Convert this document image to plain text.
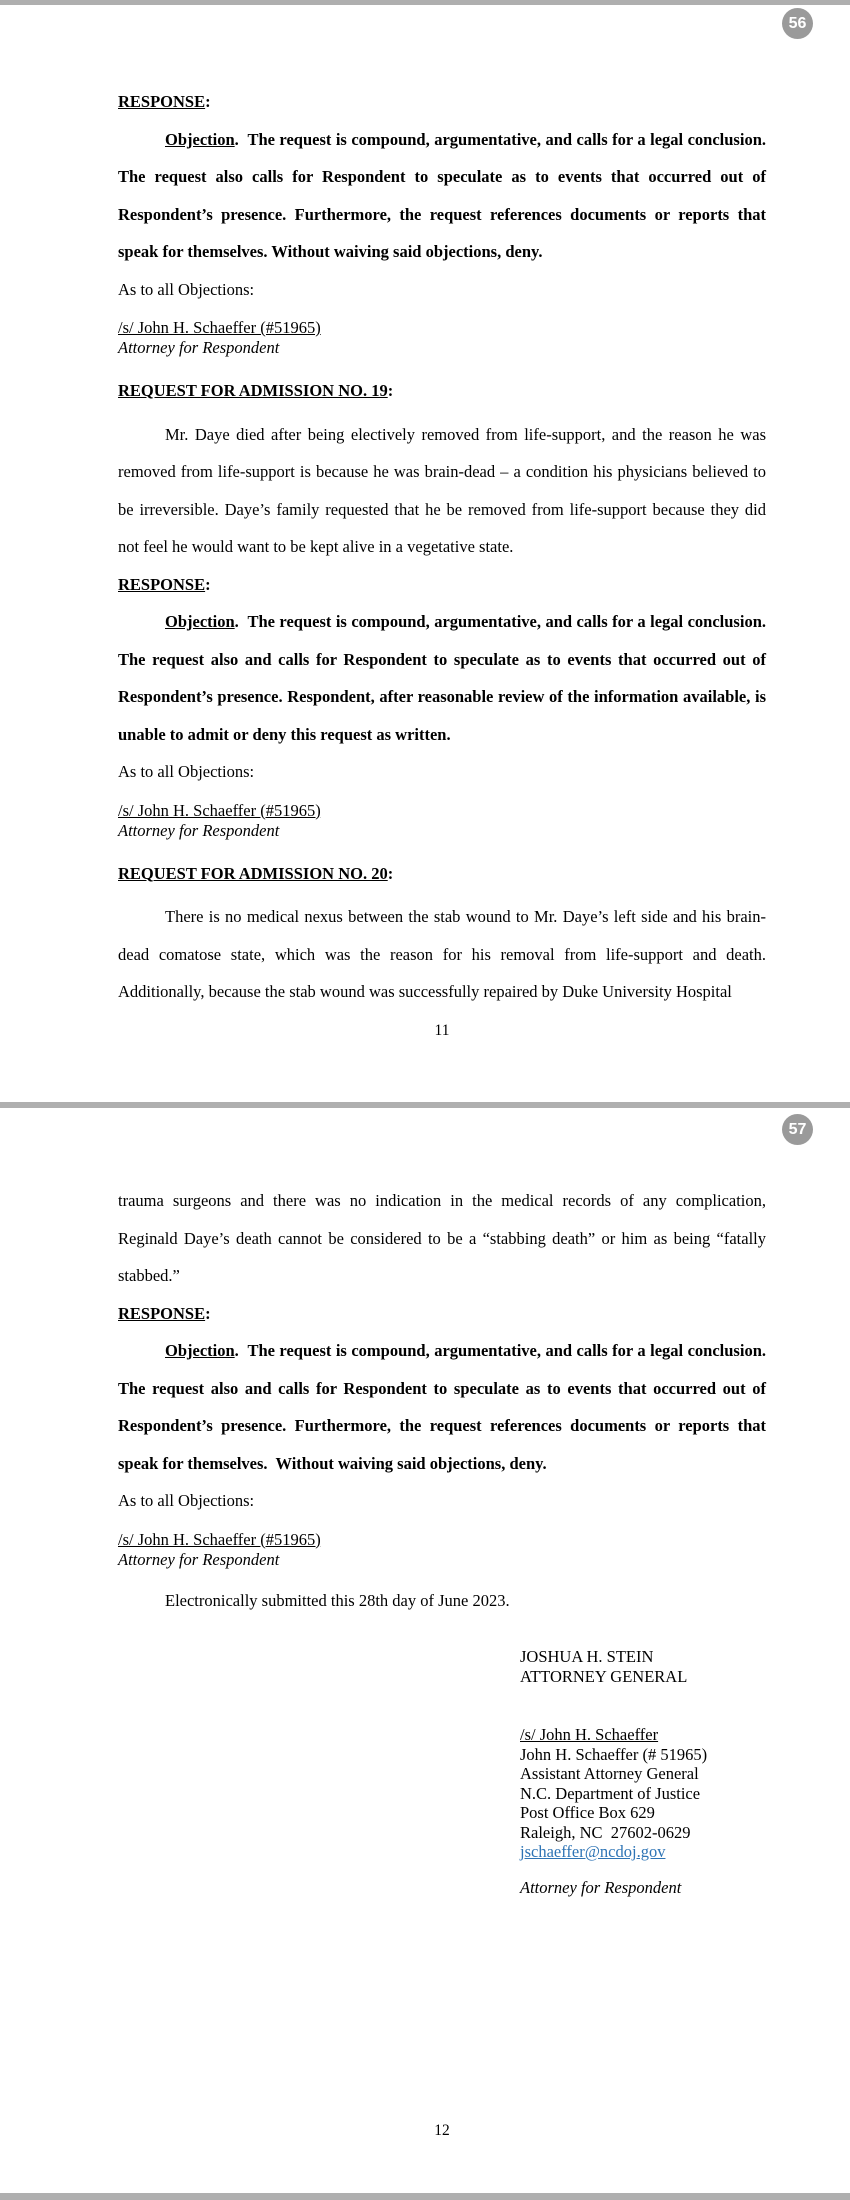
56

RESPONSE:

Objection.  The request is compound, argumentative, and calls for a legal conclusion. The request also calls for Respondent to speculate as to events that occurred out of Respondent’s presence. Furthermore, the request references documents or reports that speak for themselves. Without waiving said objections, deny.

As to all Objections:

/s/ John H. Schaeffer (#51965)
Attorney for Respondent

REQUEST FOR ADMISSION NO. 19:

Mr. Daye died after being electively removed from life-support, and the reason he was removed from life-support is because he was brain-dead – a condition his physicians believed to be irreversible. Daye’s family requested that he be removed from life-support because they did not feel he would want to be kept alive in a vegetative state.

RESPONSE:

Objection.  The request is compound, argumentative, and calls for a legal conclusion. The request also and calls for Respondent to speculate as to events that occurred out of Respondent’s presence. Respondent, after reasonable review of the information available, is unable to admit or deny this request as written.

As to all Objections:

/s/ John H. Schaeffer (#51965)
Attorney for Respondent

REQUEST FOR ADMISSION NO. 20:

There is no medical nexus between the stab wound to Mr. Daye’s left side and his brain-dead comatose state, which was the reason for his removal from life-support and death. Additionally, because the stab wound was successfully repaired by Duke University Hospital

11
57

trauma surgeons and there was no indication in the medical records of any complication, Reginald Daye’s death cannot be considered to be a “stabbing death” or him as being “fatally stabbed.”

RESPONSE:

Objection.  The request is compound, argumentative, and calls for a legal conclusion. The request also and calls for Respondent to speculate as to events that occurred out of Respondent’s presence. Furthermore, the request references documents or reports that speak for themselves.  Without waiving said objections, deny.

As to all Objections:

/s/ John H. Schaeffer (#51965)
Attorney for Respondent

Electronically submitted this 28th day of June 2023.

JOSHUA H. STEIN
ATTORNEY GENERAL
/s/ John H. Schaeffer
John H. Schaeffer (# 51965)
Assistant Attorney General
N.C. Department of Justice
Post Office Box 629
Raleigh, NC  27602-0629
jschaeffer@ncdoj.gov
Attorney for Respondent
12
